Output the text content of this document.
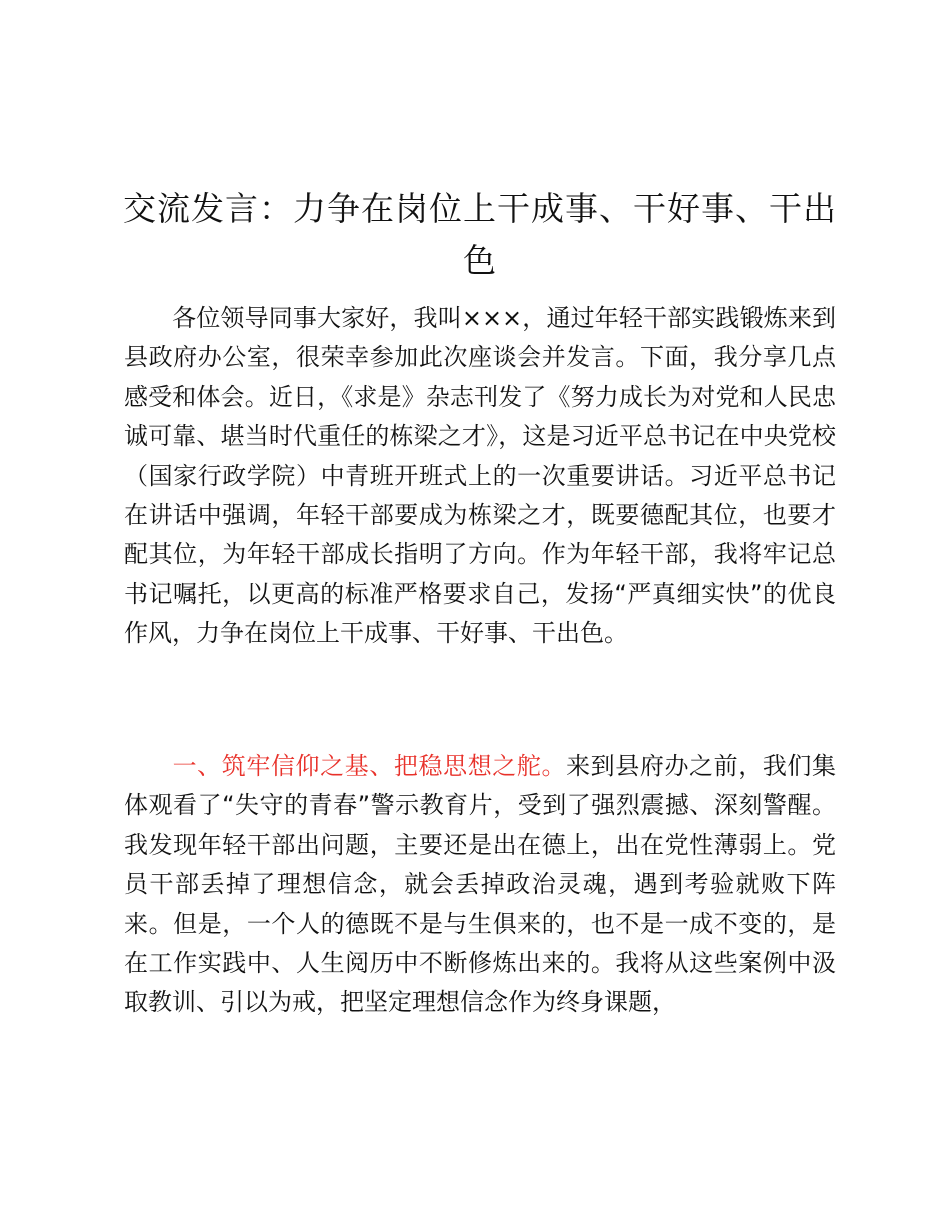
交流发言：力争在岗位上干成事、干好事、干出色

各位领导同事大家好，我叫×××，通过年轻干部实践锻炼来到县政府办公室，很荣幸参加此次座谈会并发言。下面，我分享几点感受和体会。近日，《求是》杂志刊发了《努力成长为对党和人民忠诚可靠、堪当时代重任的栋梁之才》，这是习近平总书记在中央党校（国家行政学院）中青班开班式上的一次重要讲话。习近平总书记在讲话中强调，年轻干部要成为栋梁之才，既要德配其位，也要才配其位，为年轻干部成长指明了方向。作为年轻干部，我将牢记总书记嘱托，以更高的标准严格要求自己，发扬“严真细实快”的优良作风，力争在岗位上干成事、干好事、干出色。

一、筑牢信仰之基、把稳思想之舵。来到县府办之前，我们集体观看了“失守的青春”警示教育片，受到了强烈震撼、深刻警醒。我发现年轻干部出问题，主要还是出在德上，出在党性薄弱上。党员干部丢掉了理想信念，就会丢掉政治灵魂，遇到考验就败下阵来。但是，一个人的德既不是与生俱来的，也不是一成不变的，是在工作实践中、人生阅历中不断修炼出来的。我将从这些案例中汲取教训、引以为戒，把坚定理想信念作为终身课题，
